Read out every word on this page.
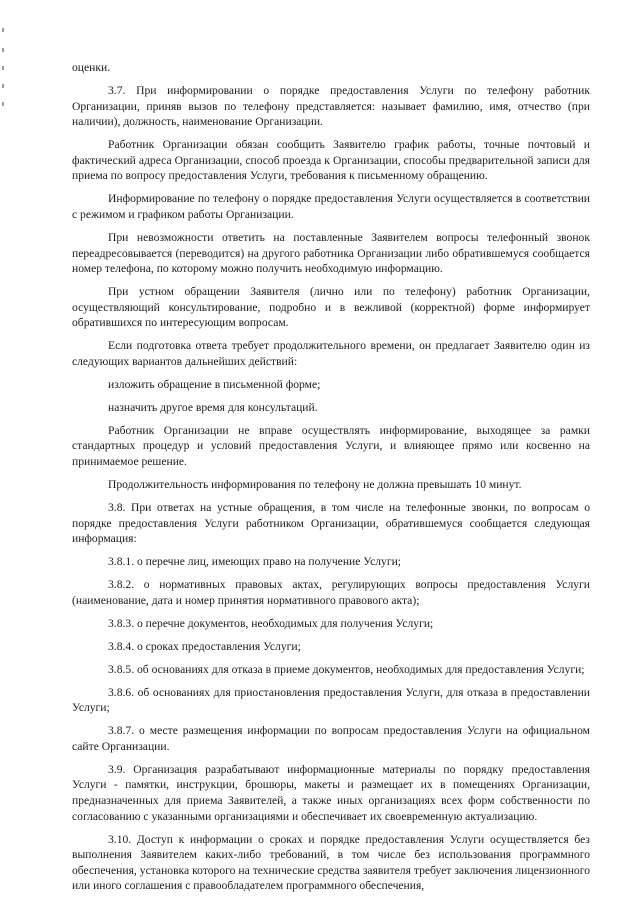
оценки.

3.7. При информировании о порядке предоставления Услуги по телефону работник Организации, приняв вызов по телефону представляется: называет фамилию, имя, отчество (при наличии), должность, наименование Организации.

Работник Организации обязан сообщить Заявителю график работы, точные почтовый и фактический адреса Организации, способ проезда к Организации, способы предварительной записи для приема по вопросу предоставления Услуги, требования к письменному обращению.

Информирование по телефону о порядке предоставления Услуги осуществляется в соответствии с режимом и графиком работы Организации.

При невозможности ответить на поставленные Заявителем вопросы телефонный звонок переадресовывается (переводится) на другого работника Организации либо обратившемуся сообщается номер телефона, по которому можно получить необходимую информацию.

При устном обращении Заявителя (лично или по телефону) работник Организации, осуществляющий консультирование, подробно и в вежливой (корректной) форме информирует обратившихся по интересующим вопросам.

Если подготовка ответа требует продолжительного времени, он предлагает Заявителю один из следующих вариантов дальнейших действий:

изложить обращение в письменной форме;

назначить другое время для консультаций.

Работник Организации не вправе осуществлять информирование, выходящее за рамки стандартных процедур и условий предоставления Услуги, и влияющее прямо или косвенно на принимаемое решение.

Продолжительность информирования по телефону не должна превышать 10 минут.

3.8. При ответах на устные обращения, в том числе на телефонные звонки, по вопросам о порядке предоставления Услуги работником Организации, обратившемуся сообщается следующая информация:

3.8.1. о перечне лиц, имеющих право на получение Услуги;

3.8.2. о нормативных правовых актах, регулирующих вопросы предоставления Услуги (наименование, дата и номер принятия нормативного правового акта);

3.8.3. о перечне документов, необходимых для получения Услуги;

3.8.4. о сроках предоставления Услуги;

3.8.5. об основаниях для отказа в приеме документов, необходимых для предоставления Услуги;

3.8.6. об основаниях для приостановления предоставления Услуги, для отказа в предоставлении Услуги;

3.8.7. о месте размещения информации по вопросам предоставления Услуги на официальном сайте Организации.

3.9. Организация разрабатывают информационные материалы по порядку предоставления Услуги - памятки, инструкции, брошюры, макеты и размещает их в помещениях Организации, предназначенных для приема Заявителей, а также иных организациях всех форм собственности по согласованию с указанными организациями и обеспечивает их своевременную актуализацию.

3.10. Доступ к информации о сроках и порядке предоставления Услуги осуществляется без выполнения Заявителем каких-либо требований, в том числе без использования программного обеспечения, установка которого на технические средства заявителя требует заключения лицензионного или иного соглашения с правообладателем программного обеспечения,
